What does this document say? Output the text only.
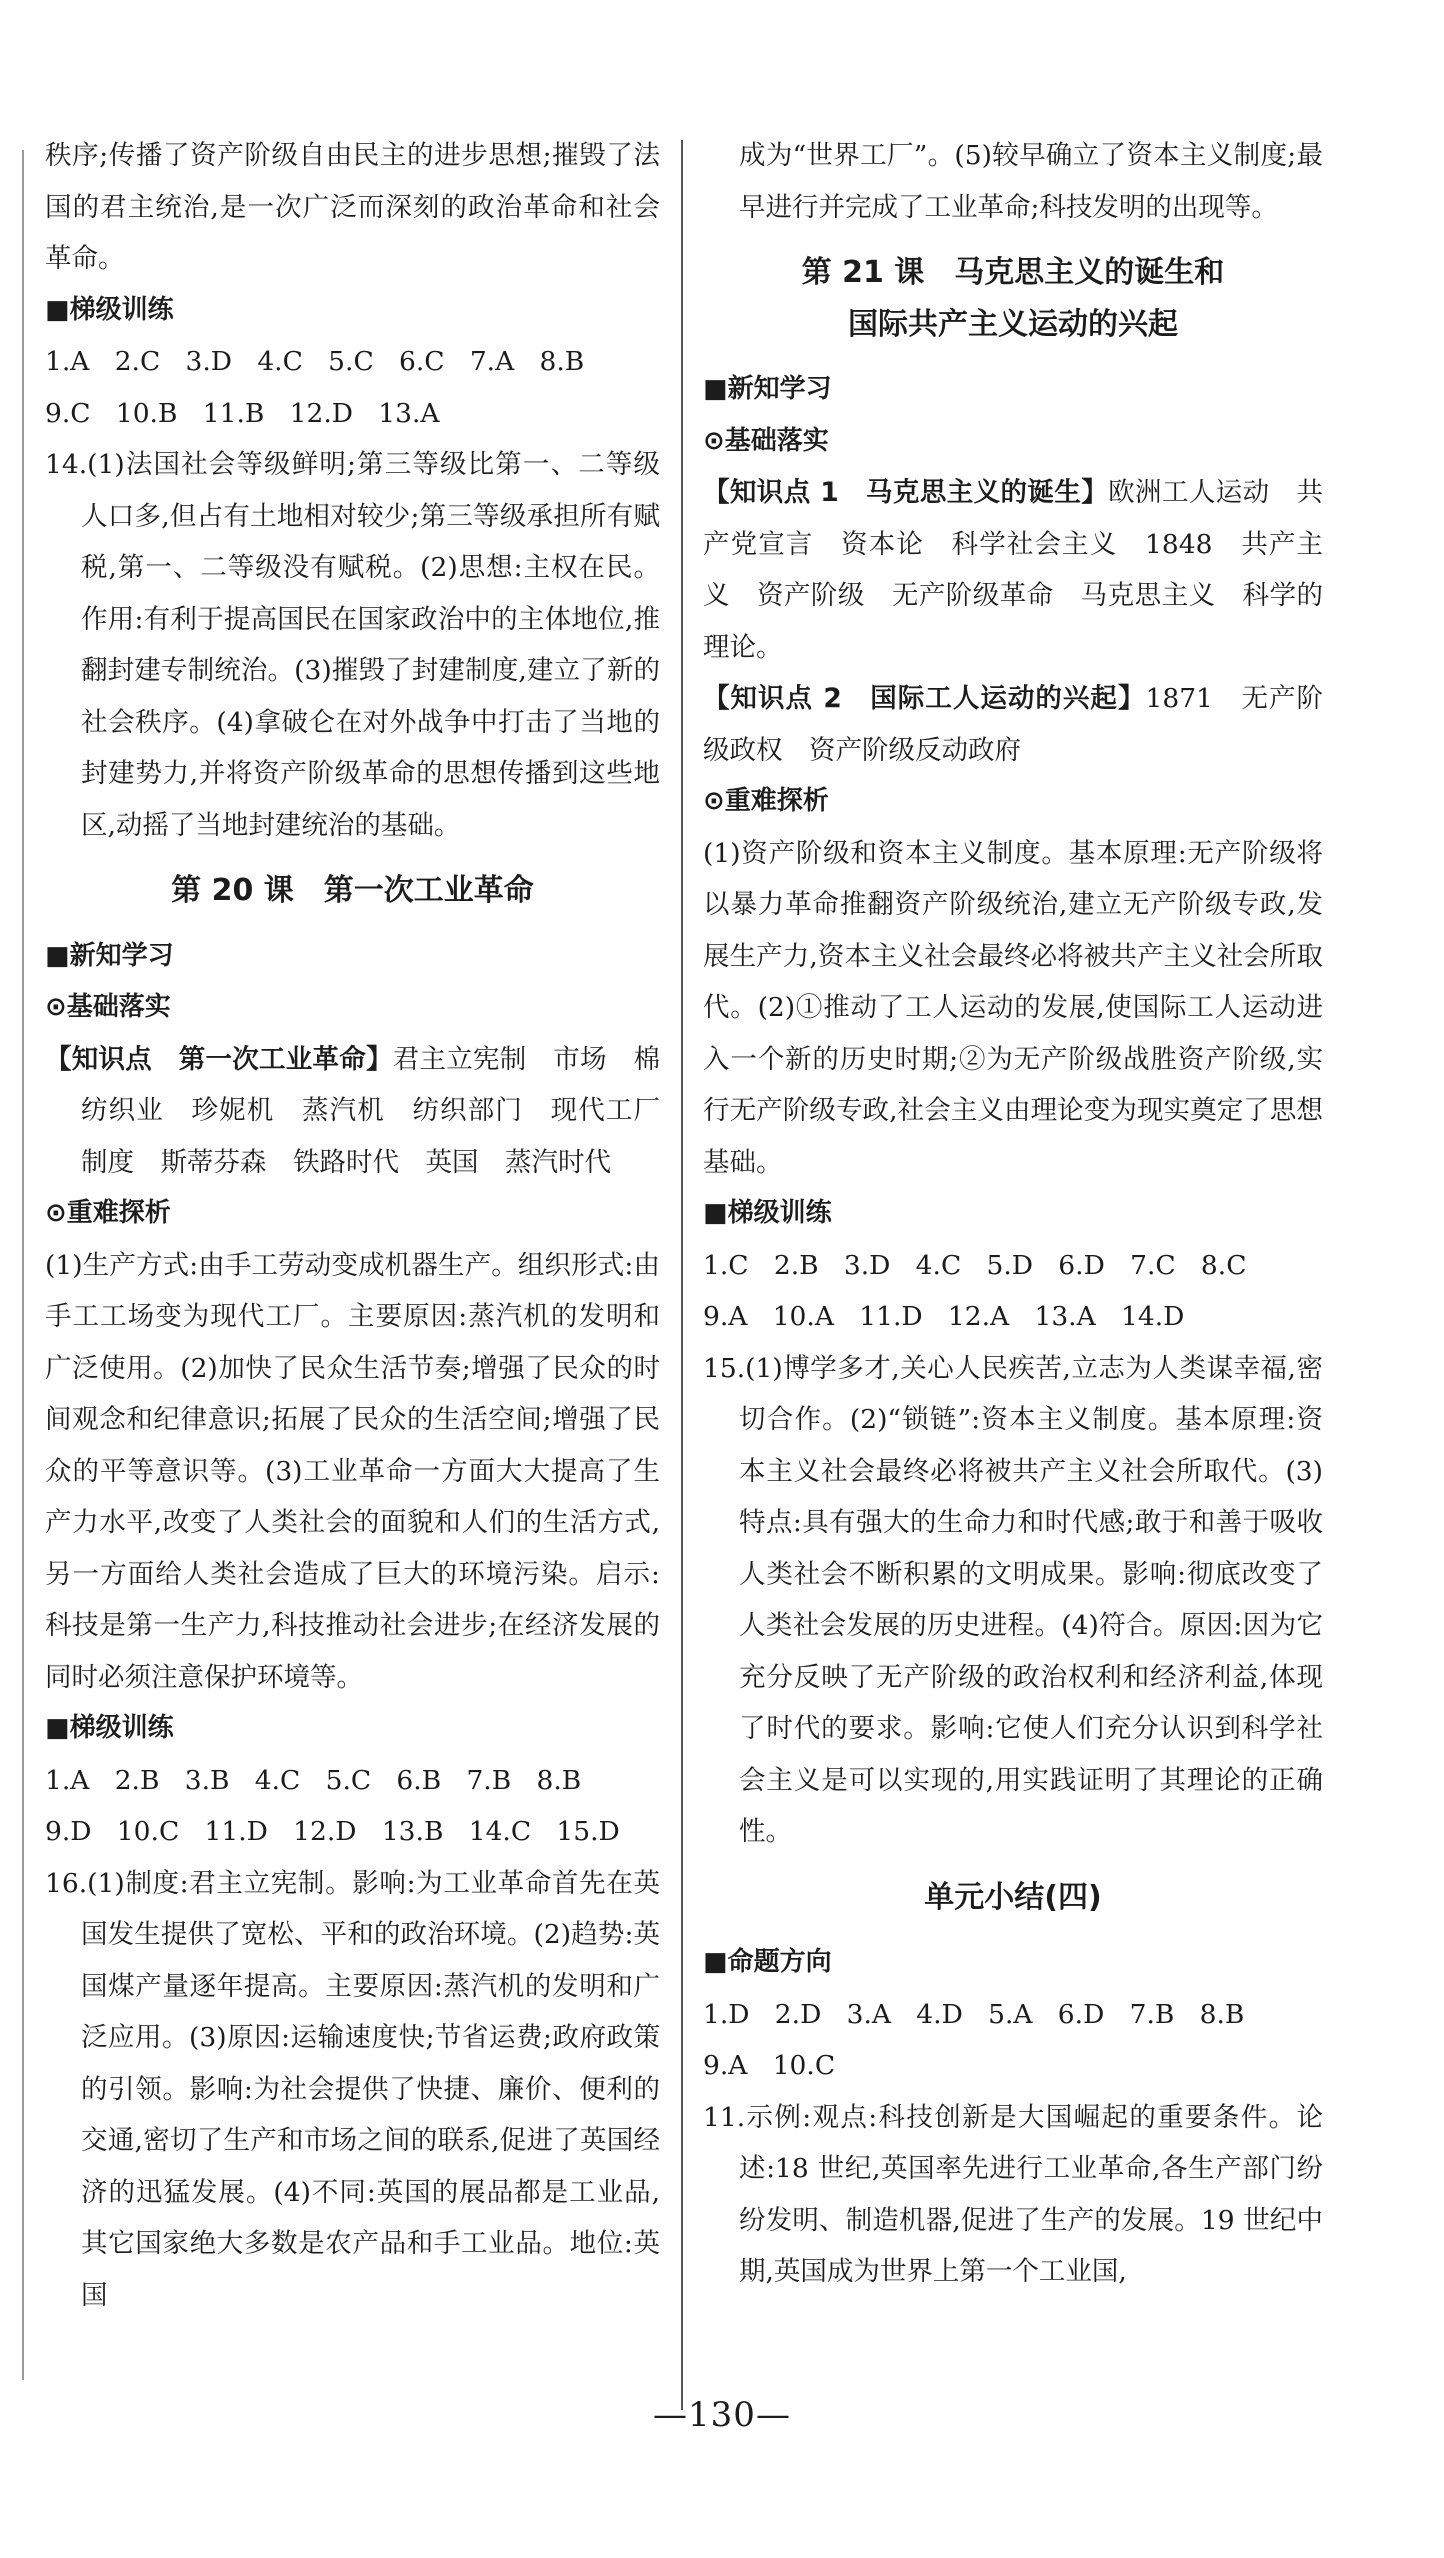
秩序;传播了资产阶级自由民主的进步思想;摧毁了法国的君主统治,是一次广泛而深刻的政治革命和社会革命。

■梯级训练

1.A   2.C   3.D   4.C   5.C   6.C   7.A   8.B

9.C   10.B   11.B   12.D   13.A

14.(1)法国社会等级鲜明;第三等级比第一、二等级人口多,但占有土地相对较少;第三等级承担所有赋税,第一、二等级没有赋税。(2)思想:主权在民。作用:有利于提高国民在国家政治中的主体地位,推翻封建专制统治。(3)摧毁了封建制度,建立了新的社会秩序。(4)拿破仑在对外战争中打击了当地的封建势力,并将资产阶级革命的思想传播到这些地区,动摇了当地封建统治的基础。

第 20 课　第一次工业革命

■新知学习

⊙基础落实

【知识点　第一次工业革命】君主立宪制　市场　棉纺织业　珍妮机　蒸汽机　纺织部门　现代工厂制度　斯蒂芬森　铁路时代　英国　蒸汽时代

⊙重难探析

(1)生产方式:由手工劳动变成机器生产。组织形式:由手工工场变为现代工厂。主要原因:蒸汽机的发明和广泛使用。(2)加快了民众生活节奏;增强了民众的时间观念和纪律意识;拓展了民众的生活空间;增强了民众的平等意识等。(3)工业革命一方面大大提高了生产力水平,改变了人类社会的面貌和人们的生活方式,另一方面给人类社会造成了巨大的环境污染。启示:科技是第一生产力,科技推动社会进步;在经济发展的同时必须注意保护环境等。

■梯级训练

1.A   2.B   3.B   4.C   5.C   6.B   7.B   8.B

9.D   10.C   11.D   12.D   13.B   14.C   15.D

16.(1)制度:君主立宪制。影响:为工业革命首先在英国发生提供了宽松、平和的政治环境。(2)趋势:英国煤产量逐年提高。主要原因:蒸汽机的发明和广泛应用。(3)原因:运输速度快;节省运费;政府政策的引领。影响:为社会提供了快捷、廉价、便利的交通,密切了生产和市场之间的联系,促进了英国经济的迅猛发展。(4)不同:英国的展品都是工业品,其它国家绝大多数是农产品和手工业品。地位:英国

成为“世界工厂”。(5)较早确立了资本主义制度;最早进行并完成了工业革命;科技发明的出现等。

第 21 课　马克思主义的诞生和
国际共产主义运动的兴起

■新知学习

⊙基础落实

【知识点 1　马克思主义的诞生】欧洲工人运动　共产党宣言　资本论　科学社会主义　1848　共产主义　资产阶级　无产阶级革命　马克思主义　科学的理论。

【知识点 2　国际工人运动的兴起】1871　无产阶级政权　资产阶级反动政府

⊙重难探析

(1)资产阶级和资本主义制度。基本原理:无产阶级将以暴力革命推翻资产阶级统治,建立无产阶级专政,发展生产力,资本主义社会最终必将被共产主义社会所取代。(2)①推动了工人运动的发展,使国际工人运动进入一个新的历史时期;②为无产阶级战胜资产阶级,实行无产阶级专政,社会主义由理论变为现实奠定了思想基础。

■梯级训练

1.C   2.B   3.D   4.C   5.D   6.D   7.C   8.C

9.A   10.A   11.D   12.A   13.A   14.D

15.(1)博学多才,关心人民疾苦,立志为人类谋幸福,密切合作。(2)“锁链”:资本主义制度。基本原理:资本主义社会最终必将被共产主义社会所取代。(3)特点:具有强大的生命力和时代感;敢于和善于吸收人类社会不断积累的文明成果。影响:彻底改变了人类社会发展的历史进程。(4)符合。原因:因为它充分反映了无产阶级的政治权利和经济利益,体现了时代的要求。影响:它使人们充分认识到科学社会主义是可以实现的,用实践证明了其理论的正确性。

单元小结(四)

■命题方向

1.D   2.D   3.A   4.D   5.A   6.D   7.B   8.B

9.A   10.C

11.示例:观点:科技创新是大国崛起的重要条件。论述:18 世纪,英国率先进行工业革命,各生产部门纷纷发明、制造机器,促进了生产的发展。19 世纪中期,英国成为世界上第一个工业国,

—130—
